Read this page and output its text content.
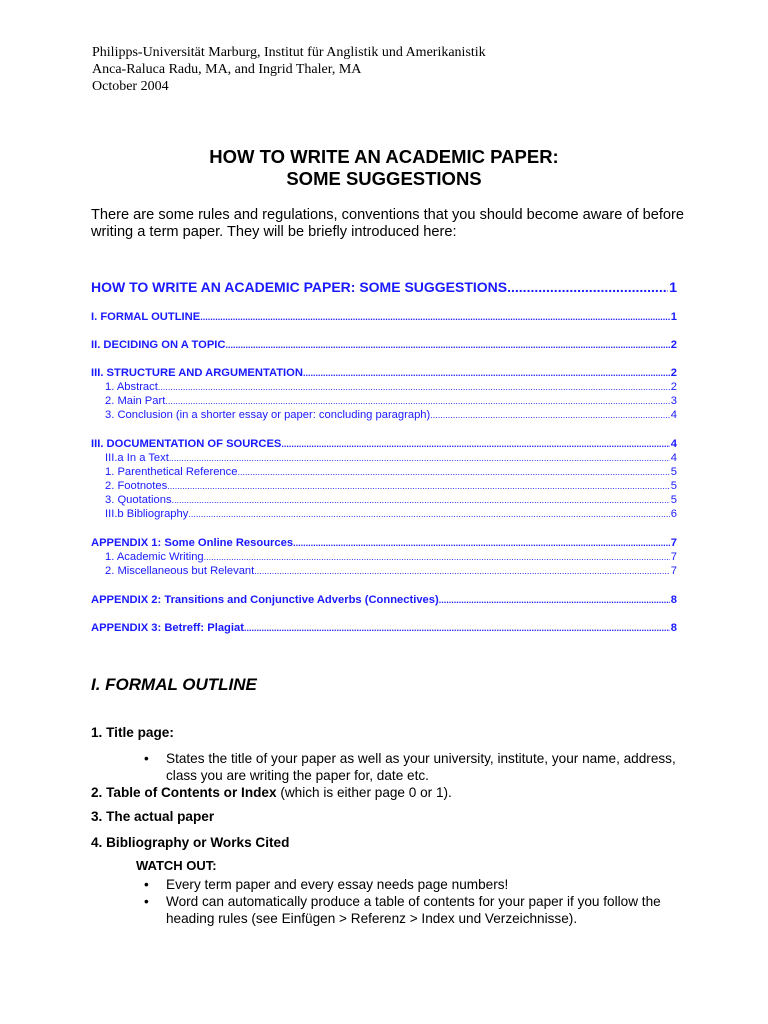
Philipps-Universität Marburg, Institut für Anglistik und Amerikanistik
Anca-Raluca Radu, MA, and Ingrid Thaler, MA
October 2004
HOW TO WRITE AN ACADEMIC PAPER:
SOME SUGGESTIONS
There are some rules and regulations, conventions that you should become aware of before writing a term paper. They will be briefly introduced here:
HOW TO WRITE AN ACADEMIC PAPER: SOME SUGGESTIONS .....	1
I. FORMAL OUTLINE .....	1
II. DECIDING ON A TOPIC .....	2
III. STRUCTURE AND ARGUMENTATION .....	2
1. Abstract .....	2
2. Main Part .....	3
3. Conclusion (in a shorter essay or paper: concluding paragraph) .....	4
III. DOCUMENTATION OF SOURCES .....	4
III.a In a Text .....	4
1. Parenthetical Reference .....	5
2. Footnotes .....	5
3. Quotations .....	5
III.b Bibliography .....	6
APPENDIX 1: Some Online Resources .....	7
1. Academic Writing .....	7
2. Miscellaneous but Relevant .....	7
APPENDIX 2: Transitions and Conjunctive Adverbs (Connectives) .....	8
APPENDIX 3: Betreff: Plagiat .....	8
I. FORMAL OUTLINE
1. Title page:
• States the title of your paper as well as your university, institute, your name, address, class you are writing the paper for, date etc.
2. Table of Contents or Index (which is either page 0 or 1).
3. The actual paper
4. Bibliography or Works Cited
WATCH OUT:
• Every term paper and every essay needs page numbers!
• Word can automatically produce a table of contents for your paper if you follow the heading rules (see Einfügen > Referenz > Index und Verzeichnisse).
